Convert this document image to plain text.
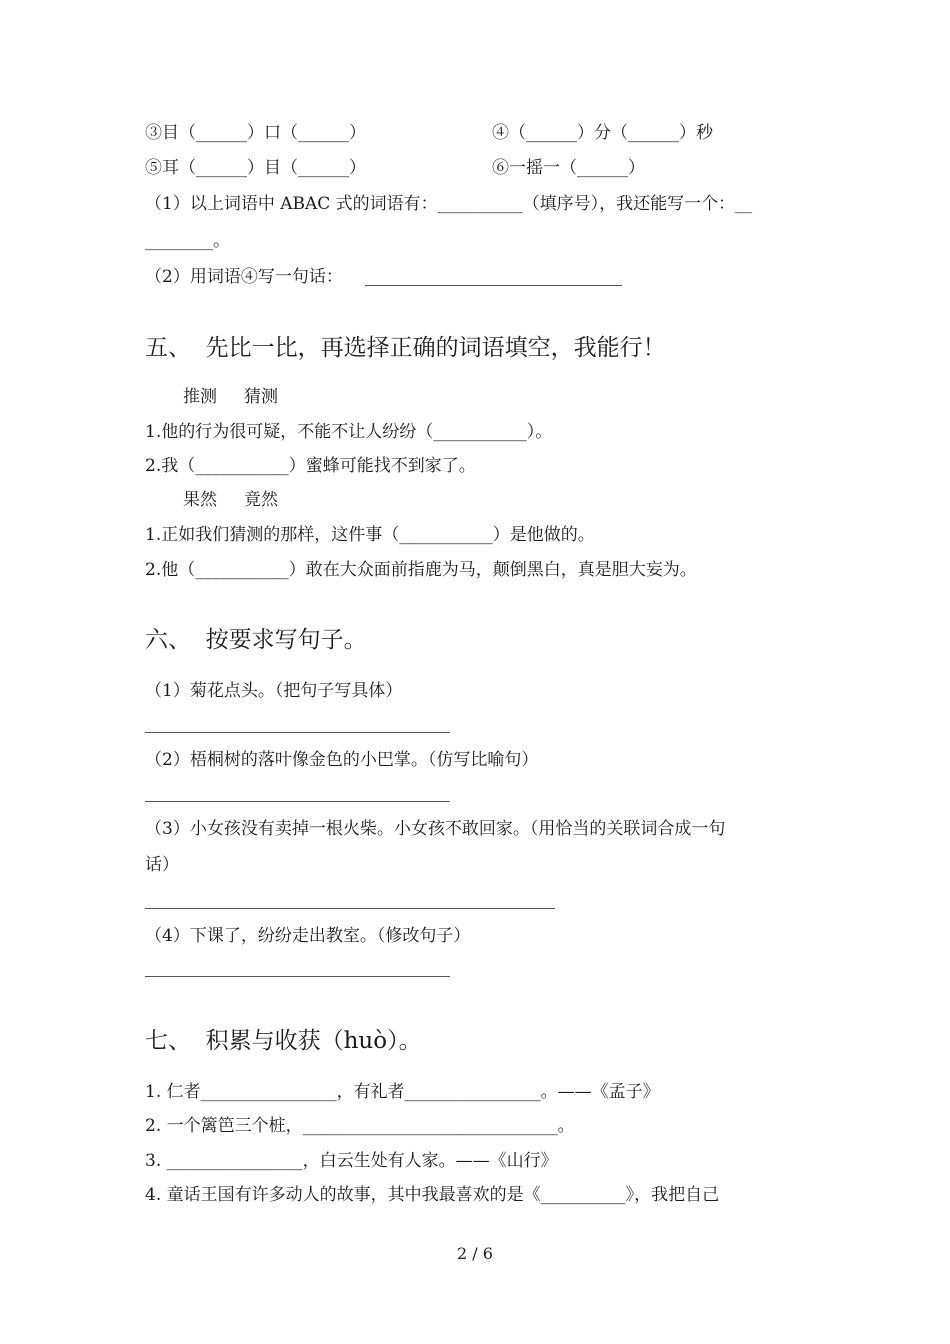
③目（______）口（______）	④（______）分（______）秒
⑤耳（______）目（______）	⑥一摇一（______）
（1）以上词语中 ABAC 式的词语有：__________（填序号），我还能写一个：__
________。
（2）用词语④写一句话：
五、  先比一比，再选择正确的词语填空，我能行！
推测     猜测
1.他的行为很可疑，不能不让人纷纷（___________）。
2.我（___________）蜜蜂可能找不到家了。
果然     竟然
1.正如我们猜测的那样，这件事（___________）是他做的。
2.他（___________）敢在大众面前指鹿为马，颠倒黑白，真是胆大妄为。
六、  按要求写句子。
（1）菊花点头。（把句子写具体）
（2）梧桐树的落叶像金色的小巴掌。（仿写比喻句）
（3）小女孩没有卖掉一根火柴。小女孩不敢回家。（用恰当的关联词合成一句
话）
（4）下课了，纷纷走出教室。（修改句子）
七、  积累与收获（huò）。
1. 仁者________________，有礼者________________。——《孟子》
2. 一个篱笆三个桩，______________________________。
3. ________________，白云生处有人家。——《山行》
4. 童话王国有许多动人的故事，其中我最喜欢的是《__________》，我把自己
2 / 6
